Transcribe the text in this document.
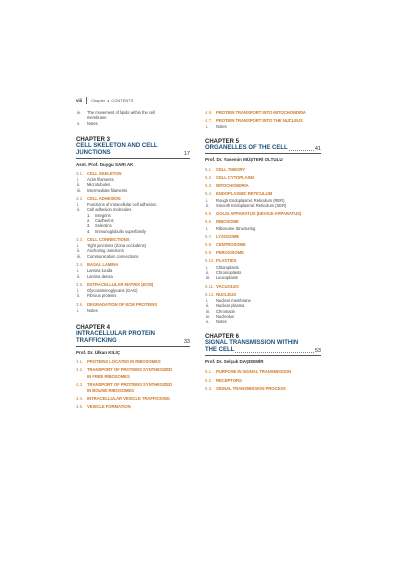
viii Chapter ● CONTENTS
iv.	The movement of lipids within the cell
membrane
v.	Notes
CHAPTER 3
CELL SKELETON AND CELL JUNCTIONS	17
Asst. Prof. Duygu SARI AK
3.1. CELL SKELETON
i.	Actin filaments
ii.	Microtubules
iii.	Intermediate filaments
3.2. CELL ADHESION
i.	Functions of intracellular cell adhesion
ii.	Cell adhesion molecules
1.	Integrins
2.	Cadherins
3.	Selectins
4.	Immunoglobulin superfamily
3.3. CELL CONNECTIONS
i.	Tight junctions (Zona occludens)
ii.	Anchoring Junctions
iii.	Communication connections
3.4. BASAL LAMINA
i.	Lamina lucida
ii.	Lamina densa
3.5. EXTRACELLULAR MATRIX (ECM)
i.	Glycosaminoglycans (GAG)
ii.	Fibrous proteins
3.6. DEGRADATION OF ECM PROTEINS
i.	Notes
CHAPTER 4
INTRACELLULAR PROTEIN TRAFFICKING	33
Prof. Dr. Ülkan KILIÇ
4.1. PROTEINS LOCATED IN RIBOSOMES
4.2. TRANSPORT OF PROTEINS SYNTHESIZED
IN FREE RIBOSOMES
4.3. TRANSPORT OF PROTEINS SYNTHESIZED
IN BOUND RIBOSOMES
4.4. INTRACELLULAR VESICLE TRAFFICKING
4.5. VESICLE FORMATION
4.6. PROTEIN TRANSPORT INTO MITOCHONDRIA
4.7. PROTEIN TRANSPORT INTO THE NUCLEUS
i.	Notes
CHAPTER 5
ORGANELLES OF THE CELL	41
Prof. Dr. Yasemin MÜŞTERİ OLTULU
5.1. CELL THEORY
5.2. CELL CYTOPLASM
5.3. MITOCHONDRIA
5.4. ENDOPLASMIC RETICULUM
i.	Rough Endoplasmic Reticulum (RER)
ii.	Smooth Endoplasmic Reticulum (SER)
5.5. GOLGI APPARATUS (DEVICE-APPARATUS)
5.6. RIBOSOME
i.	Ribosome Structuring
5.7. LYSOSOME
5.8. CENTROSOME
5.9. PEROXISOME
5.10. PLASTIDS
i.	Chloroplasts
ii.	Chromoplasts
iii.	Leucoplasts
5.11. VACUOLES
5.12. NUCLEUS
i.	Nuclear membrane
ii.	Nuclear plasma
iii.	Chromatin
iv.	Nucleolus
v.	Notes
CHAPTER 6
SIGNAL TRANSMISSION WITHIN
THE CELL	53
Prof. Dr. Selçuk DAŞDEMİR
6.1. PURPOSE IN SIGNAL TRANSMISSION
6.2. RECEPTORS
6.3. SIGNAL TRANSMISSION PROCESS
